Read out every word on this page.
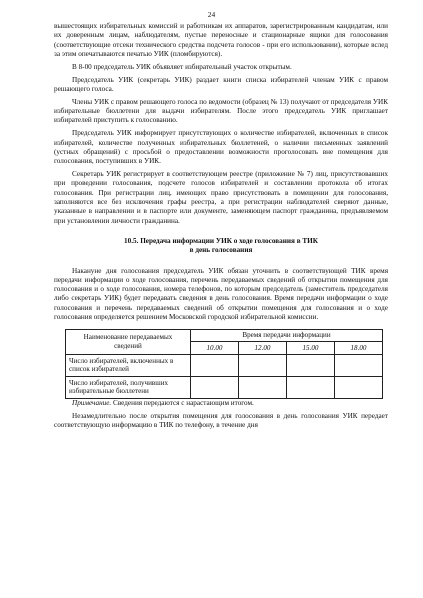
24

вышестоящих избирательных комиссий и работникам их аппаратов, зарегистрированным кандидатам, или их доверенным лицам, наблюдателям, пустые переносные и стационарные ящики для голосования (соответствующие отсеки технического средства подсчета голосов - при его использовании), которые вслед за этим опечатываются печатью УИК (пломбируются).

В 8-00 председатель УИК объявляет избирательный участок открытым.

Председатель УИК (секретарь УИК) раздает книги списка избирателей членам УИК с правом решающего голоса.

Члены УИК с правом решающего голоса по ведомости (образец № 13) получают от председателя УИК избирательные бюллетени для выдачи избирателям. После этого председатель УИК приглашает избирателей приступить к голосованию.

Председатель УИК информирует присутствующих о количестве избирателей, включенных в список избирателей, количестве полученных избирательных бюллетеней, о наличии письменных заявлений (устных обращений) с просьбой о предоставлении возможности проголосовать вне помещения для голосования, поступивших в УИК.

Секретарь УИК регистрирует в соответствующем реестре (приложение № 7) лиц, присутствовавших при проведении голосования, подсчете голосов избирателей и составлении протокола об итогах голосования. При регистрации лиц, имеющих право присутствовать в помещении для голосования, заполняются все без исключения графы реестра, а при регистрации наблюдателей сверяют данные, указанные в направлении и в паспорте или документе, заменяющем паспорт гражданина, предъявляемом при установлении личности гражданина.

10.5. Передача информации УИК о ходе голосования в ТИК
в день голосования

Накануне дня голосования председатель УИК обязан уточнить в соответствующей ТИК время передачи информации о ходе голосования, перечень передаваемых сведений об открытии помещения для голосования и о ходе голосования, номера телефонов, по которым председатель (заместитель председателя либо секретарь УИК) будет передавать сведения в день голосования. Время передачи информации о ходе голосования и перечень передаваемых сведений об открытии помещения для голосования и о ходе голосования определяется решением Московской городской избирательной комиссии.

Наименование передаваемых сведений	Время передачи информации			
	10.00	12.00	15.00	18.00
Число избирателей, включенных в список избирателей				
Число избирателей, получивших избирательные бюллетени				

Примечание. Сведения передаются с нарастающим итогом.

Незамедлительно после открытия помещения для голосования в день голосования УИК передает соответствующую информацию в ТИК по телефону, в течение дня
